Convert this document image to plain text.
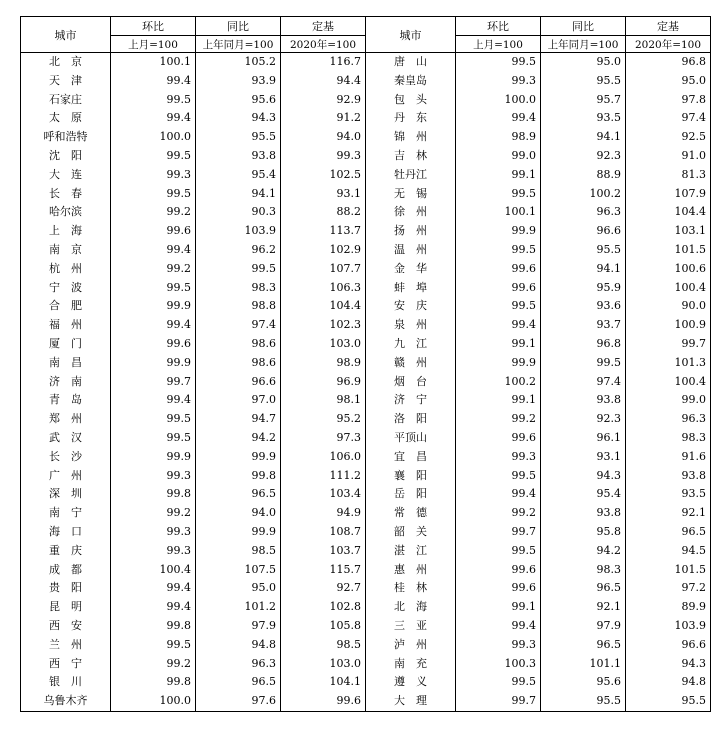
城市	环比	同比	定基	城市	环比	同比	定基
	上月=100	上年同月=100	2020年=100		上月=100	上年同月=100	2020年=100
北　京	100.1	105.2	116.7	唐　山	99.5	95.0	96.8
天　津	99.4	93.9	94.4	秦皇岛	99.3	95.5	95.0
石家庄	99.5	95.6	92.9	包　头	100.0	95.7	97.8
太　原	99.4	94.3	91.2	丹　东	99.4	93.5	97.4
呼和浩特	100.0	95.5	94.0	锦　州	98.9	94.1	92.5
沈　阳	99.5	93.8	99.3	吉　林	99.0	92.3	91.0
大　连	99.3	95.4	102.5	牡丹江	99.1	88.9	81.3
长　春	99.5	94.1	93.1	无　锡	99.5	100.2	107.9
哈尔滨	99.2	90.3	88.2	徐　州	100.1	96.3	104.4
上　海	99.6	103.9	113.7	扬　州	99.9	96.6	103.1
南　京	99.4	96.2	102.9	温　州	99.5	95.5	101.5
杭　州	99.2	99.5	107.7	金　华	99.6	94.1	100.6
宁　波	99.5	98.3	106.3	蚌　埠	99.6	95.9	100.4
合　肥	99.9	98.8	104.4	安　庆	99.5	93.6	90.0
福　州	99.4	97.4	102.3	泉　州	99.4	93.7	100.9
厦　门	99.6	98.6	103.0	九　江	99.1	96.8	99.7
南　昌	99.9	98.6	98.9	赣　州	99.9	99.5	101.3
济　南	99.7	96.6	96.9	烟　台	100.2	97.4	100.4
青　岛	99.4	97.0	98.1	济　宁	99.1	93.8	99.0
郑　州	99.5	94.7	95.2	洛　阳	99.2	92.3	96.3
武　汉	99.5	94.2	97.3	平顶山	99.6	96.1	98.3
长　沙	99.9	99.9	106.0	宜　昌	99.3	93.1	91.6
广　州	99.3	99.8	111.2	襄　阳	99.5	94.3	93.8
深　圳	99.8	96.5	103.4	岳　阳	99.4	95.4	93.5
南　宁	99.2	94.0	94.9	常　德	99.2	93.8	92.1
海　口	99.3	99.9	108.7	韶　关	99.7	95.8	96.5
重　庆	99.3	98.5	103.7	湛　江	99.5	94.2	94.5
成　都	100.4	107.5	115.7	惠　州	99.6	98.3	101.5
贵　阳	99.4	95.0	92.7	桂　林	99.6	96.5	97.2
昆　明	99.4	101.2	102.8	北　海	99.1	92.1	89.9
西　安	99.8	97.9	105.8	三　亚	99.4	97.9	103.9
兰　州	99.5	94.8	98.5	泸　州	99.3	96.5	96.6
西　宁	99.2	96.3	103.0	南　充	100.3	101.1	94.3
银　川	99.8	96.5	104.1	遵　义	99.5	95.6	94.8
乌鲁木齐	100.0	97.6	99.6	大　理	99.7	95.5	95.5
